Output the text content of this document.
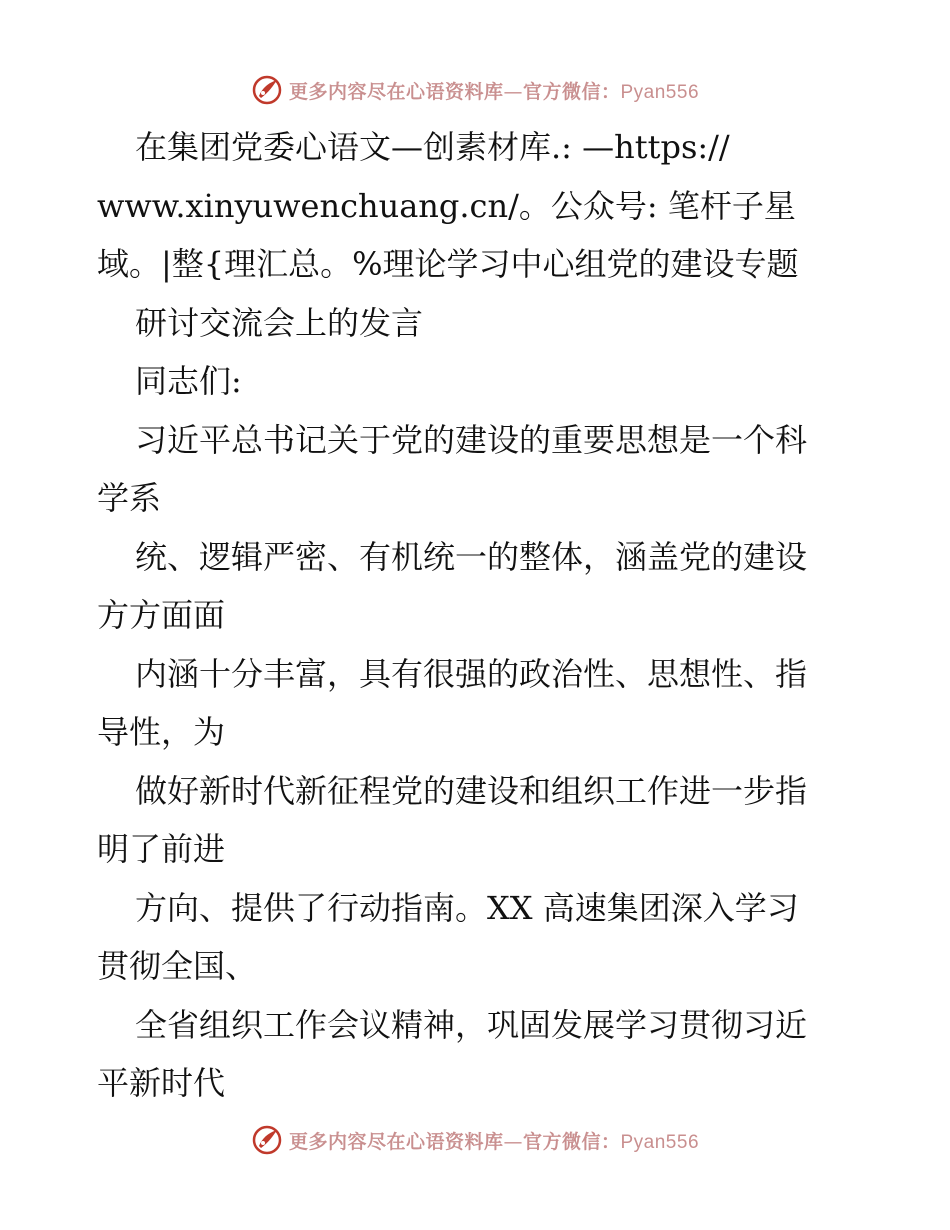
更多内容尽在心语资料库—官方微信：Pyan556
在集团党委心语文—创素材库.: —https://
www.xinyuwenchuang.cn/。公众号: 笔杆子星
域。|整{理汇总。%理论学习中心组党的建设专题
研讨交流会上的发言
同志们:
习近平总书记关于党的建设的重要思想是一个科
学系
统、逻辑严密、有机统一的整体，涵盖党的建设
方方面面
内涵十分丰富，具有很强的政治性、思想性、指
导性，为
做好新时代新征程党的建设和组织工作进一步指
明了前进
方向、提供了行动指南。XX 高速集团深入学习
贯彻全国、
全省组织工作会议精神，巩固发展学习贯彻习近
平新时代
更多内容尽在心语资料库—官方微信：Pyan556
